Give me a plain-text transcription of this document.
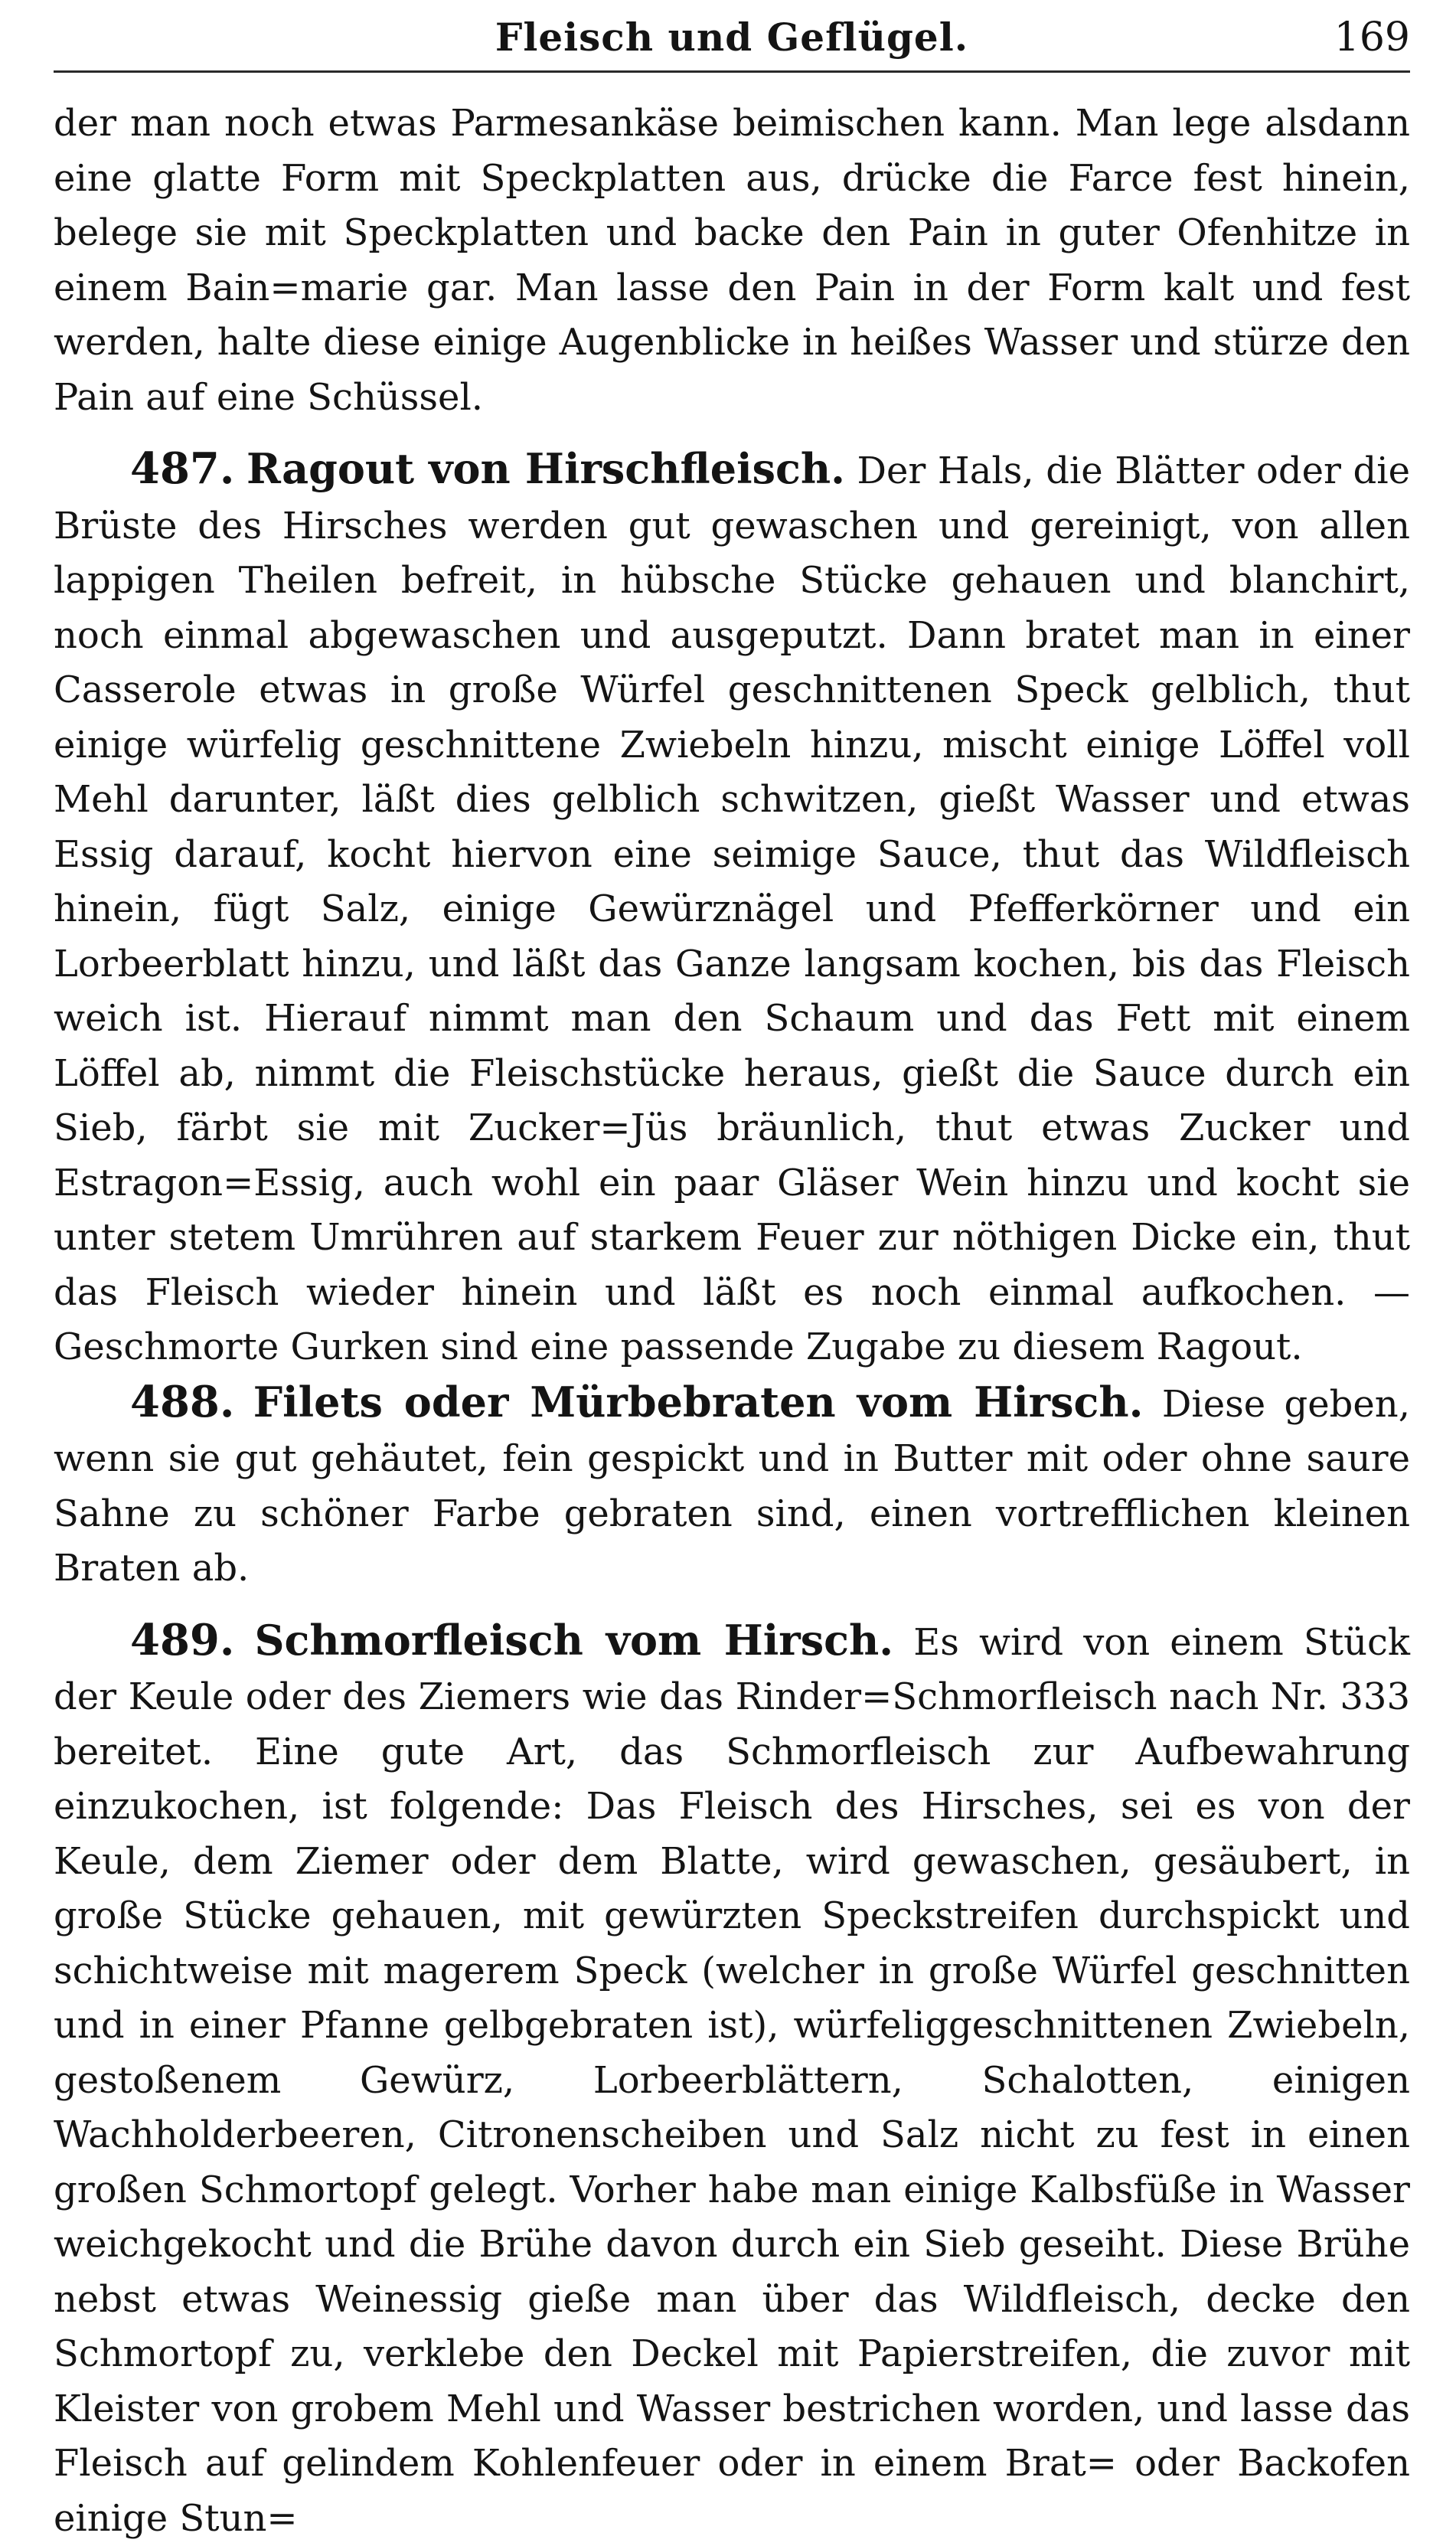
Fleisch und Geflügel.	169

der man noch etwas Parmesankäse beimischen kann. Man lege alsdann eine glatte Form mit Speckplatten aus, drücke die Farce fest hinein, belege sie mit Speckplatten und backe den Pain in guter Ofenhitze in einem Bain=marie gar. Man lasse den Pain in der Form kalt und fest werden, halte diese einige Augenblicke in heißes Wasser und stürze den Pain auf eine Schüssel.

487. Ragout von Hirschfleisch. Der Hals, die Blätter oder die Brüste des Hirsches werden gut gewaschen und gereinigt, von allen lappigen Theilen befreit, in hübsche Stücke gehauen und blanchirt, noch einmal abgewaschen und ausgeputzt. Dann bratet man in einer Casserole etwas in große Würfel geschnittenen Speck gelblich, thut einige würfelig geschnittene Zwiebeln hinzu, mischt einige Löffel voll Mehl darunter, läßt dies gelblich schwitzen, gießt Wasser und etwas Essig darauf, kocht hiervon eine seimige Sauce, thut das Wildfleisch hinein, fügt Salz, einige Gewürznägel und Pfefferkörner und ein Lorbeerblatt hinzu, und läßt das Ganze langsam kochen, bis das Fleisch weich ist. Hierauf nimmt man den Schaum und das Fett mit einem Löffel ab, nimmt die Fleischstücke heraus, gießt die Sauce durch ein Sieb, färbt sie mit Zucker=Jüs bräunlich, thut etwas Zucker und Estragon=Essig, auch wohl ein paar Gläser Wein hinzu und kocht sie unter stetem Umrühren auf starkem Feuer zur nöthigen Dicke ein, thut das Fleisch wieder hinein und läßt es noch einmal aufkochen. — Geschmorte Gurken sind eine passende Zugabe zu diesem Ragout.

488. Filets oder Mürbebraten vom Hirsch. Diese geben, wenn sie gut gehäutet, fein gespickt und in Butter mit oder ohne saure Sahne zu schöner Farbe gebraten sind, einen vortrefflichen kleinen Braten ab.

489. Schmorfleisch vom Hirsch. Es wird von einem Stück der Keule oder des Ziemers wie das Rinder=Schmorfleisch nach Nr. 333 bereitet. Eine gute Art, das Schmorfleisch zur Aufbewahrung einzukochen, ist folgende: Das Fleisch des Hirsches, sei es von der Keule, dem Ziemer oder dem Blatte, wird gewaschen, gesäubert, in große Stücke gehauen, mit gewürzten Speckstreifen durchspickt und schichtweise mit magerem Speck (welcher in große Würfel geschnitten und in einer Pfanne gelbgebraten ist), würfeliggeschnittenen Zwiebeln, gestoßenem Gewürz, Lorbeerblättern, Schalotten, einigen Wachholderbeeren, Citronenscheiben und Salz nicht zu fest in einen großen Schmortopf gelegt. Vorher habe man einige Kalbsfüße in Wasser weichgekocht und die Brühe davon durch ein Sieb geseiht. Diese Brühe nebst etwas Weinessig gieße man über das Wildfleisch, decke den Schmortopf zu, verklebe den Deckel mit Papierstreifen, die zuvor mit Kleister von grobem Mehl und Wasser bestrichen worden, und lasse das Fleisch auf gelindem Kohlenfeuer oder in einem Brat= oder Backofen einige Stun=
